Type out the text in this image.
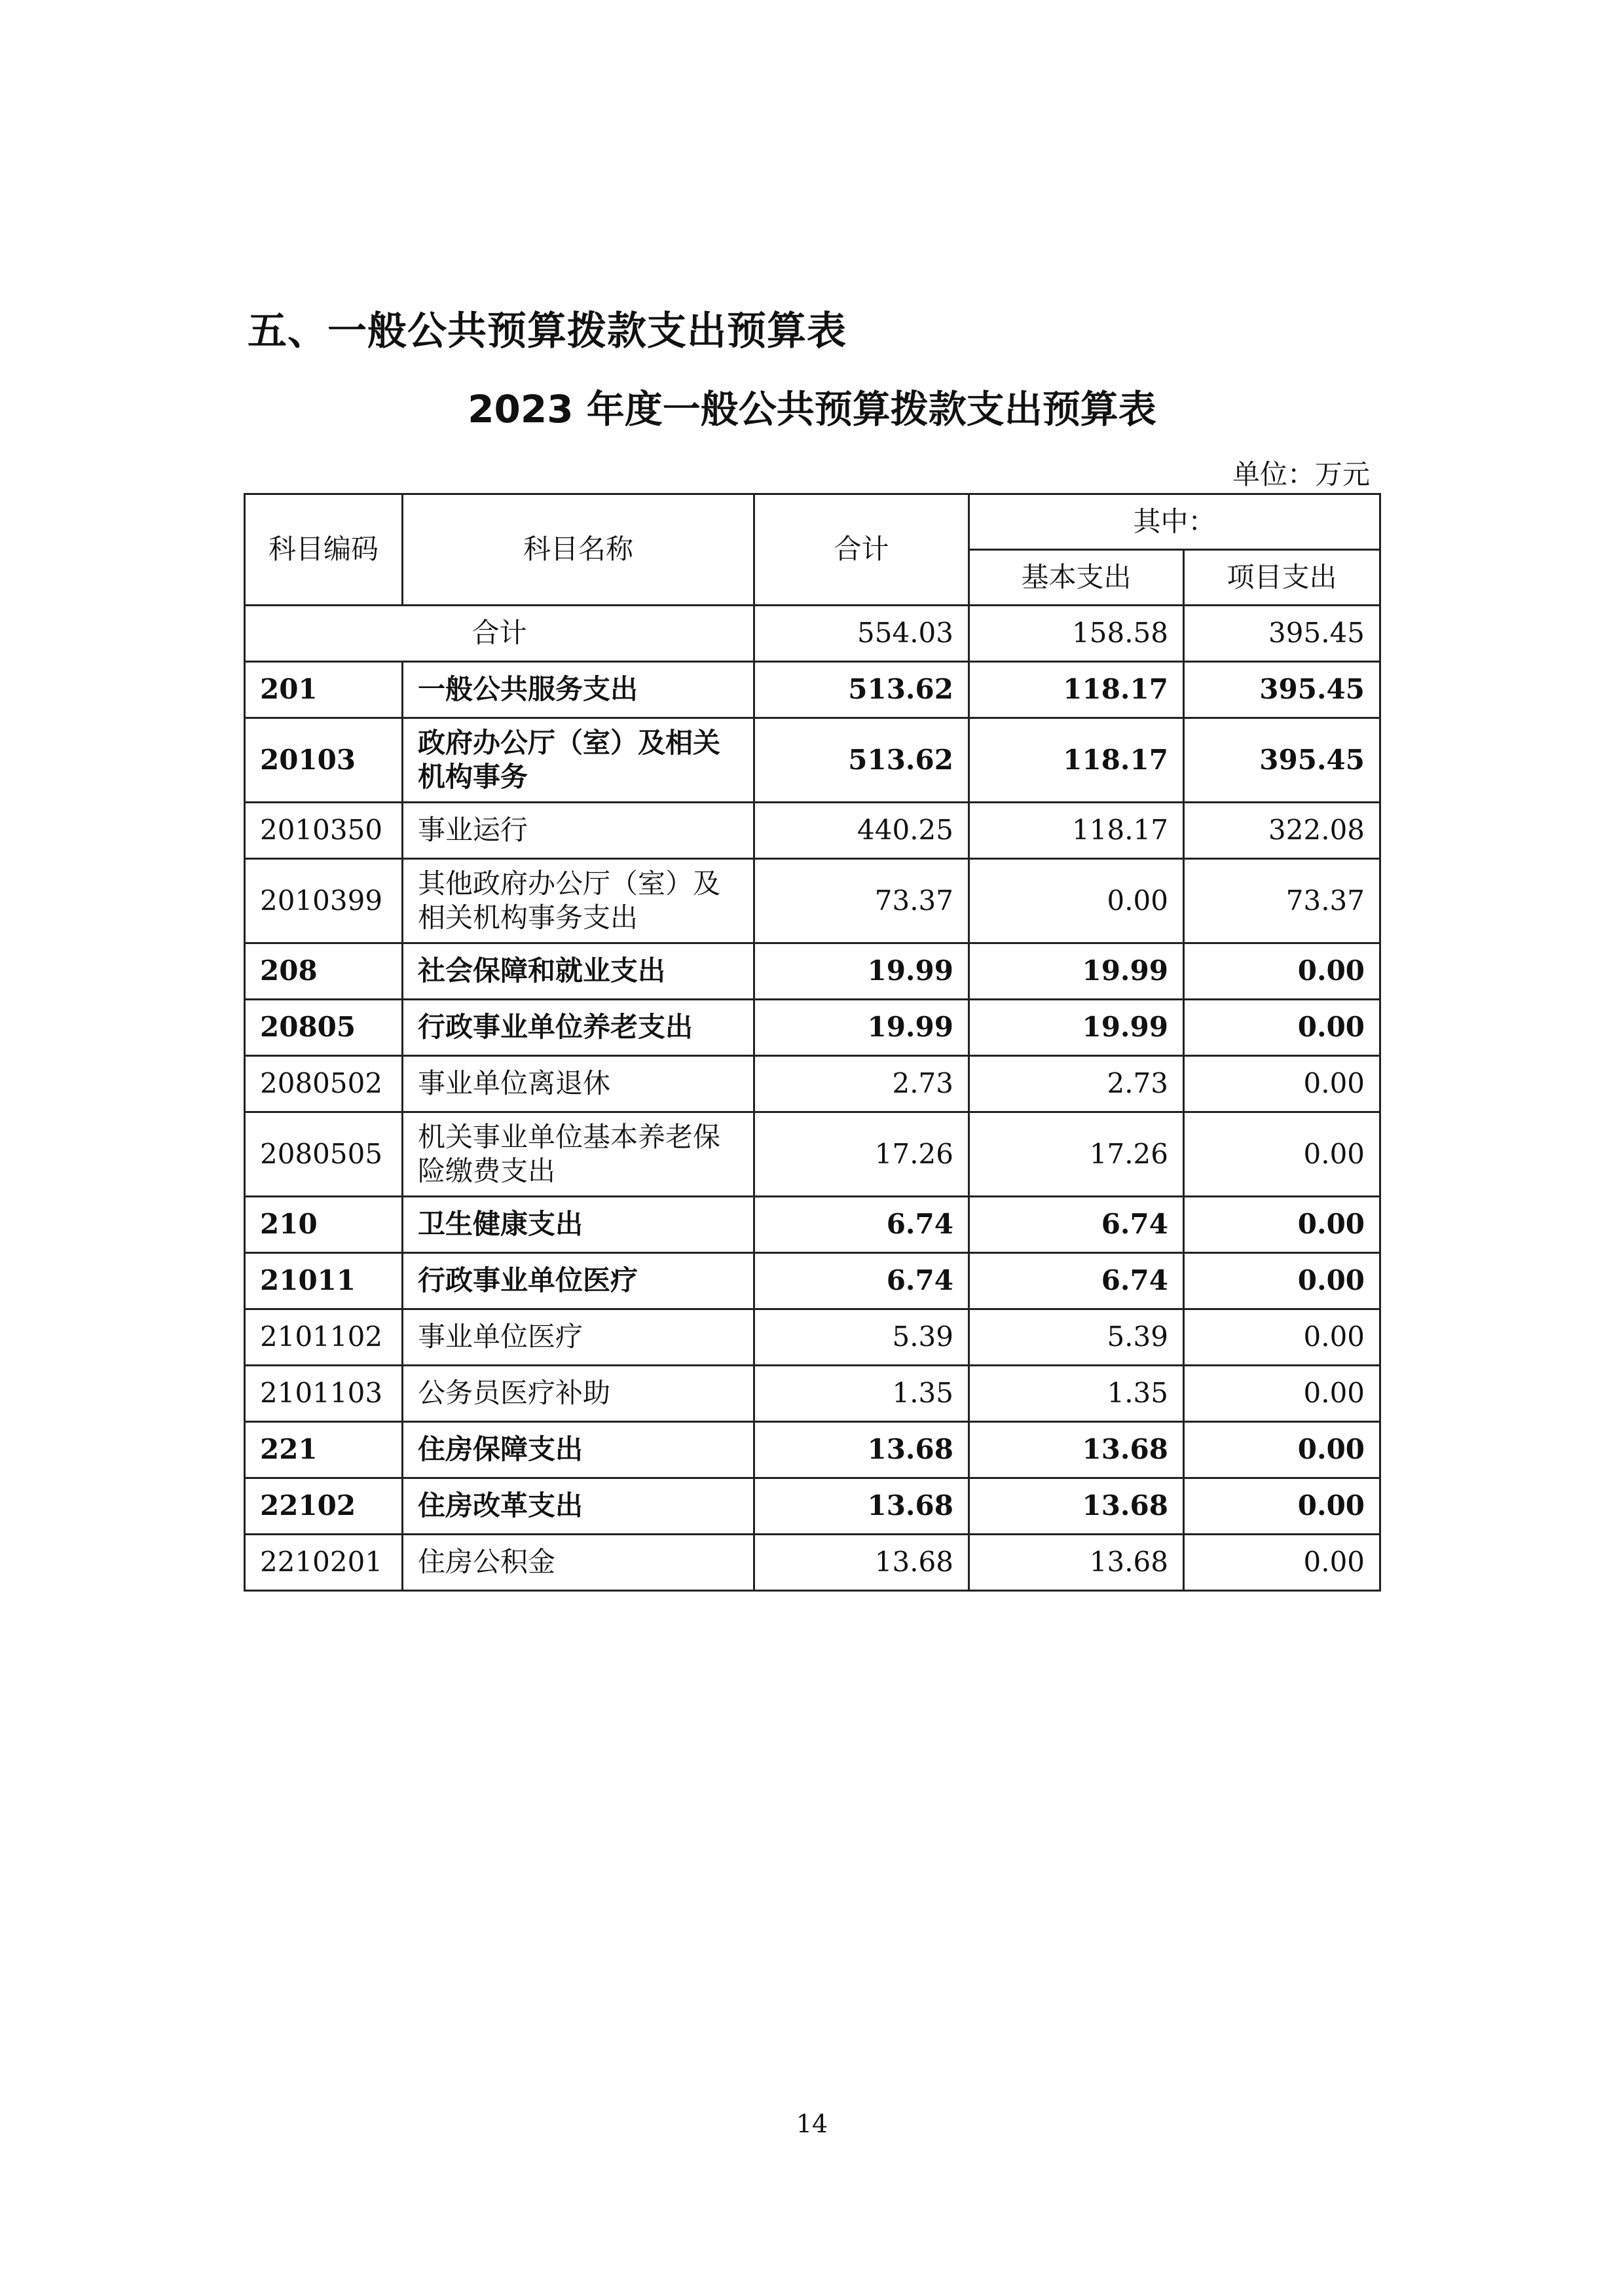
五、一般公共预算拨款支出预算表
2023 年度一般公共预算拨款支出预算表
单位：万元
科目编码	科目名称	合计	其中：	
			基本支出	项目支出
合计		554.03	158.58	395.45
201	一般公共服务支出	513.62	118.17	395.45
20103	政府办公厅（室）及相关机构事务	513.62	118.17	395.45
2010350	事业运行	440.25	118.17	322.08
2010399	其他政府办公厅（室）及相关机构事务支出	73.37	0.00	73.37
208	社会保障和就业支出	19.99	19.99	0.00
20805	行政事业单位养老支出	19.99	19.99	0.00
2080502	事业单位离退休	2.73	2.73	0.00
2080505	机关事业单位基本养老保险缴费支出	17.26	17.26	0.00
210	卫生健康支出	6.74	6.74	0.00
21011	行政事业单位医疗	6.74	6.74	0.00
2101102	事业单位医疗	5.39	5.39	0.00
2101103	公务员医疗补助	1.35	1.35	0.00
221	住房保障支出	13.68	13.68	0.00
22102	住房改革支出	13.68	13.68	0.00
2210201	住房公积金	13.68	13.68	0.00
14
